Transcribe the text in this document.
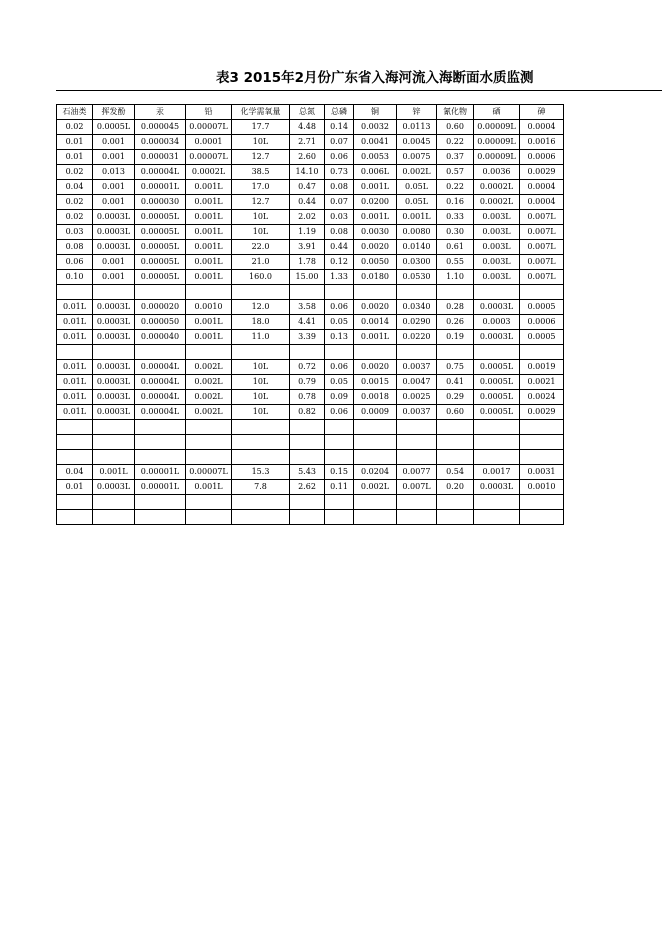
表3 2015年2月份广东省入海河流入海断面水质监测
石油类	挥发酚	汞	铅	化学需氧量	总氮	总磷	铜	锌	氰化物	硒	砷
0.02	0.0005L	0.000045	0.00007L	17.7	4.48	0.14	0.0032	0.0113	0.60	0.00009L	0.0004
0.01	0.001	0.000034	0.0001	10L	2.71	0.07	0.0041	0.0045	0.22	0.00009L	0.0016
0.01	0.001	0.000031	0.00007L	12.7	2.60	0.06	0.0053	0.0075	0.37	0.00009L	0.0006
0.02	0.013	0.00004L	0.0002L	38.5	14.10	0.73	0.006L	0.002L	0.57	0.0036	0.0029
0.04	0.001	0.00001L	0.001L	17.0	0.47	0.08	0.001L	0.05L	0.22	0.0002L	0.0004
0.02	0.001	0.000030	0.001L	12.7	0.44	0.07	0.0200	0.05L	0.16	0.0002L	0.0004
0.02	0.0003L	0.00005L	0.001L	10L	2.02	0.03	0.001L	0.001L	0.33	0.003L	0.007L
0.03	0.0003L	0.00005L	0.001L	10L	1.19	0.08	0.0030	0.0080	0.30	0.003L	0.007L
0.08	0.0003L	0.00005L	0.001L	22.0	3.91	0.44	0.0020	0.0140	0.61	0.003L	0.007L
0.06	0.001	0.00005L	0.001L	21.0	1.78	0.12	0.0050	0.0300	0.55	0.003L	0.007L
0.10	0.001	0.00005L	0.001L	160.0	15.00	1.33	0.0180	0.0530	1.10	0.003L	0.007L

0.01L	0.0003L	0.000020	0.0010	12.0	3.58	0.06	0.0020	0.0340	0.28	0.0003L	0.0005
0.01L	0.0003L	0.000050	0.001L	18.0	4.41	0.05	0.0014	0.0290	0.26	0.0003	0.0006
0.01L	0.0003L	0.000040	0.001L	11.0	3.39	0.13	0.001L	0.0220	0.19	0.0003L	0.0005

0.01L	0.0003L	0.00004L	0.002L	10L	0.72	0.06	0.0020	0.0037	0.75	0.0005L	0.0019
0.01L	0.0003L	0.00004L	0.002L	10L	0.79	0.05	0.0015	0.0047	0.41	0.0005L	0.0021
0.01L	0.0003L	0.00004L	0.002L	10L	0.78	0.09	0.0018	0.0025	0.29	0.0005L	0.0024
0.01L	0.0003L	0.00004L	0.002L	10L	0.82	0.06	0.0009	0.0037	0.60	0.0005L	0.0029

0.04	0.001L	0.00001L	0.00007L	15.3	5.43	0.15	0.0204	0.0077	0.54	0.0017	0.0031
0.01	0.0003L	0.00001L	0.001L	7.8	2.62	0.11	0.002L	0.007L	0.20	0.0003L	0.0010
